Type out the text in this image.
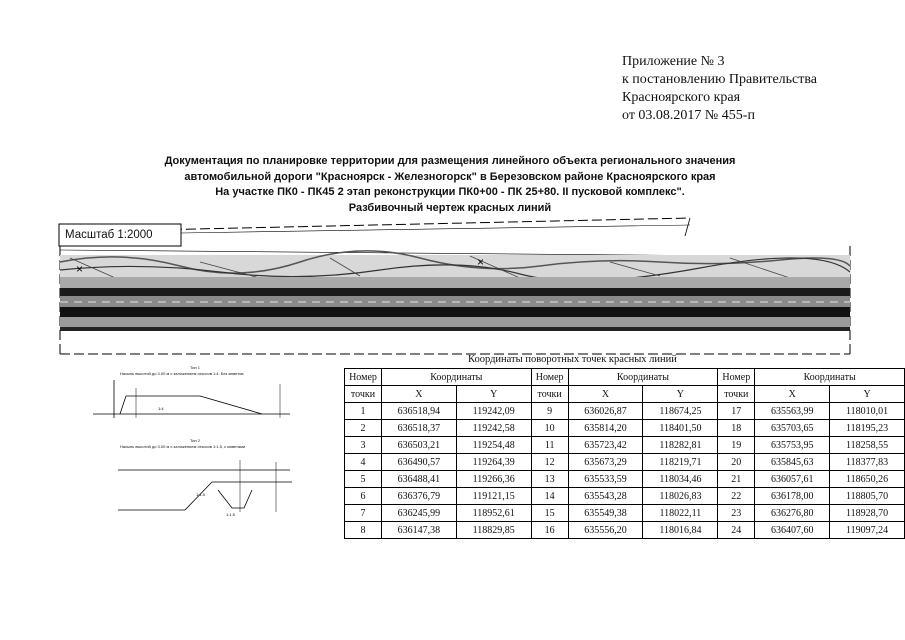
Приложение № 3
к постановлению Правительства
Красноярского края
от 03.08.2017 № 455-п
Документация по планировке территории для размещения линейного объекта регионального значения
автомобильной дороги "Красноярск - Железногорск" в Березовском районе Красноярского края
На участке ПК0 - ПК45 2 этап реконструкции ПК0+00 - ПК 25+80. II пусковой комплекс".
Разбивочный чертеж красных линий
×	×
1:4
1:1.5
1:1.5
Масштаб 1:2000
Тип 1
Насыпь высотой до 3.00 м с заложением откосов 1:4. Без кюветов
Тип 2
Насыпь высотой до 3.00 м с заложением откосов 1:1.5, с кюветами
Координаты поворотных точек красных линий
Номер	Координаты		Номер	Координаты		Номер	Координаты	
точки	X	Y	точки	X	Y	точки	X	Y
1	636518,94	119242,09	9	636026,87	118674,25	17	635563,99	118010,01
2	636518,37	119242,58	10	635814,20	118401,50	18	635703,65	118195,23
3	636503,21	119254,48	11	635723,42	118282,81	19	635753,95	118258,55
4	636490,57	119264,39	12	635673,29	118219,71	20	635845,63	118377,83
5	636488,41	119266,36	13	635533,59	118034,46	21	636057,61	118650,26
6	636376,79	119121,15	14	635543,28	118026,83	22	636178,00	118805,70
7	636245,99	118952,61	15	635549,38	118022,11	23	636276,80	118928,70
8	636147,38	118829,85	16	635556,20	118016,84	24	636407,60	119097,24
